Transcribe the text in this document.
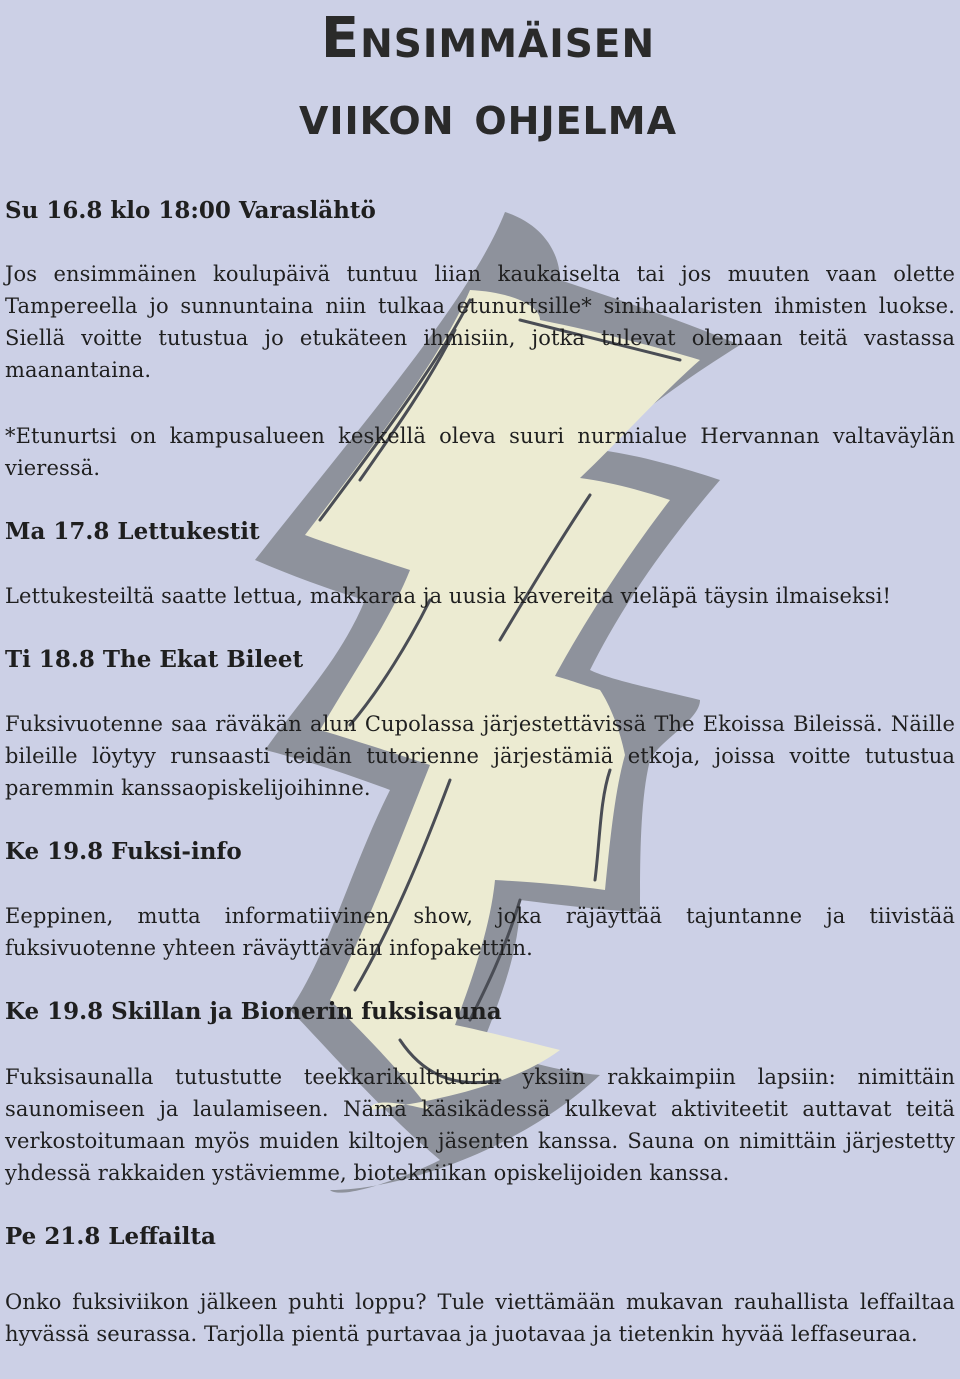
Ensimmäisen
viikon ohjelma
Su 16.8 klo 18:00 Varaslähtö

Jos ensimmäinen koulupäivä tuntuu liian kaukaiselta tai jos muuten vaan olette Tampereella jo sunnuntaina niin tulkaa etunurtsille* sinihaalaristen ihmisten luokse. Siellä voitte tutustua jo etukäteen ihmisiin, jotka tulevat olemaan teitä vastassa maanantaina.

*Etunurtsi on kampusalueen keskellä oleva suuri nurmialue Hervannan valtaväylän vieressä.

Ma 17.8 Lettukestit

Lettukesteiltä saatte lettua, makkaraa ja uusia kavereita vieläpä täysin ilmaiseksi!

Ti 18.8 The Ekat Bileet

Fuksivuotenne saa räväkän alun Cupolassa järjestettävissä The Ekoissa Bileissä. Näille bileille löytyy runsaasti teidän tutorienne järjestämiä etkoja, joissa voitte tutustua paremmin kanssaopiskelijoihinne.

Ke 19.8 Fuksi-info

Eeppinen, mutta informatiivinen show, joka räjäyttää tajuntanne ja tiivistää fuksivuotenne yhteen räväyttävään infopakettiin.

Ke 19.8 Skillan ja Bionerin fuksisauna

Fuksisaunalla tutustutte teekkarikulttuurin yksiin rakkaimpiin lapsiin: nimittäin saunomiseen ja laulamiseen. Nämä käsikädessä kulkevat aktiviteetit auttavat teitä verkostoitumaan myös muiden kiltojen jäsenten kanssa. Sauna on nimittäin järjestetty yhdessä rakkaiden ystäviemme, biotekniikan opiskelijoiden kanssa.

Pe 21.8 Leffailta

Onko fuksiviikon jälkeen puhti loppu? Tule viettämään mukavan rauhallista leffailtaa hyvässä seurassa. Tarjolla pientä purtavaa ja juotavaa ja tietenkin hyvää leffaseuraa.
